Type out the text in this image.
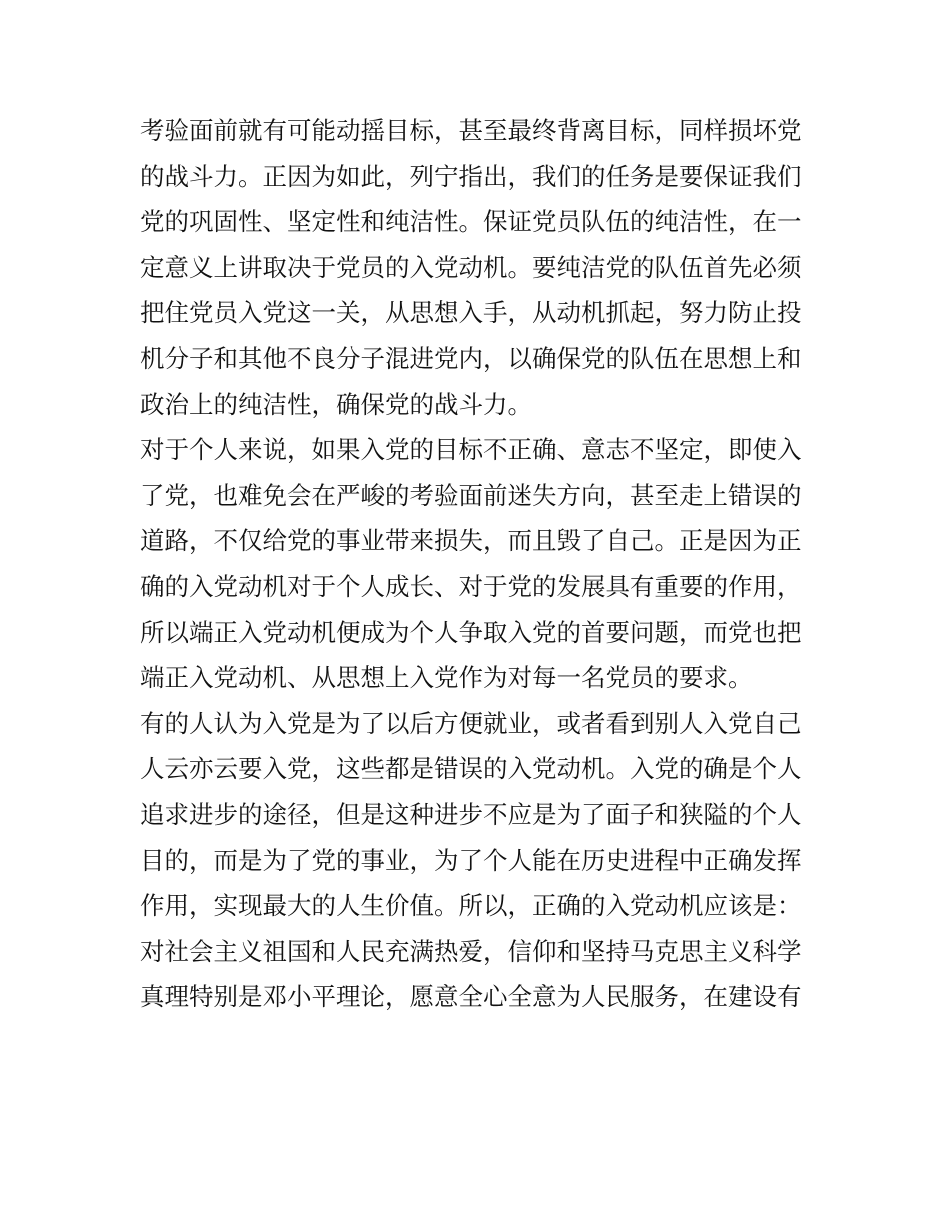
考验面前就有可能动摇目标，甚至最终背离目标，同样损坏党
的战斗力。正因为如此，列宁指出，我们的任务是要保证我们
党的巩固性、坚定性和纯洁性。保证党员队伍的纯洁性，在一
定意义上讲取决于党员的入党动机。要纯洁党的队伍首先必须
把住党员入党这一关，从思想入手，从动机抓起，努力防止投
机分子和其他不良分子混进党内，以确保党的队伍在思想上和
政治上的纯洁性，确保党的战斗力。
对于个人来说，如果入党的目标不正确、意志不坚定，即使入
了党，也难免会在严峻的考验面前迷失方向，甚至走上错误的
道路，不仅给党的事业带来损失，而且毁了自己。正是因为正
确的入党动机对于个人成长、对于党的发展具有重要的作用，
所以端正入党动机便成为个人争取入党的首要问题，而党也把
端正入党动机、从思想上入党作为对每一名党员的要求。
有的人认为入党是为了以后方便就业，或者看到别人入党自己
人云亦云要入党，这些都是错误的入党动机。入党的确是个人
追求进步的途径，但是这种进步不应是为了面子和狭隘的个人
目的，而是为了党的事业，为了个人能在历史进程中正确发挥
作用，实现最大的人生价值。所以，正确的入党动机应该是：
对社会主义祖国和人民充满热爱，信仰和坚持马克思主义科学
真理特别是邓小平理论，愿意全心全意为人民服务，在建设有
